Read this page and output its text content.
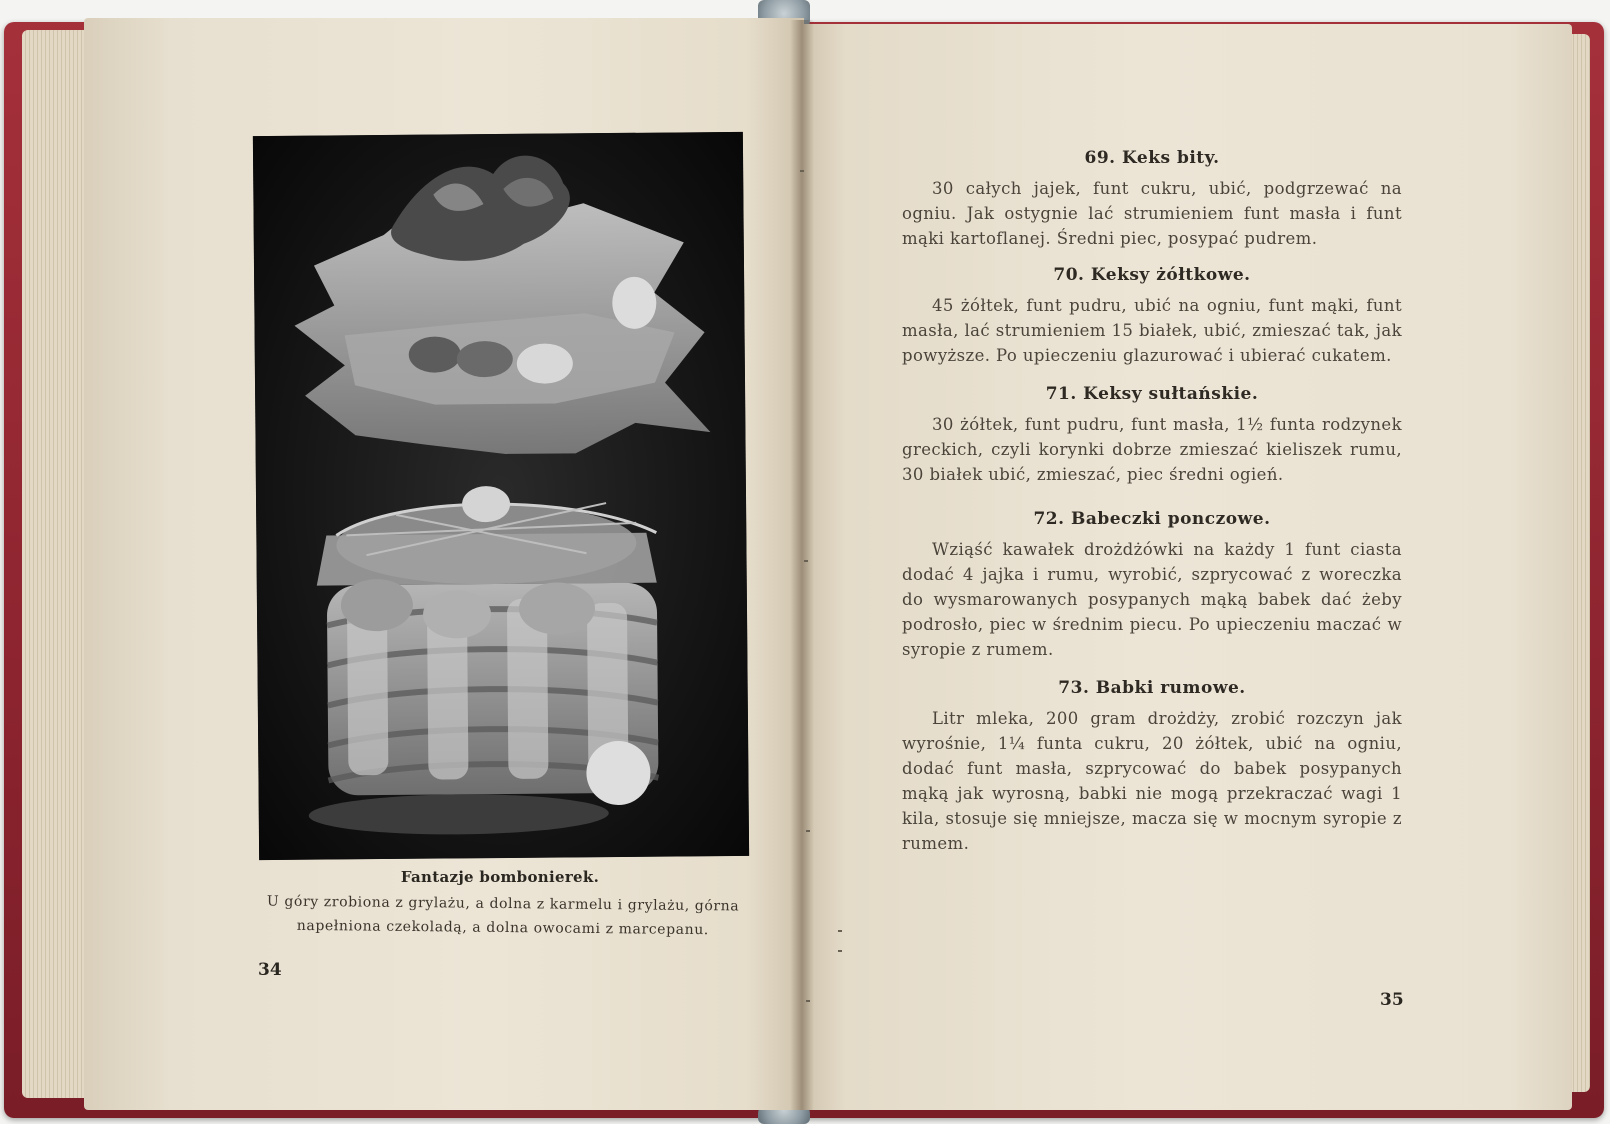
Fantazje bombonierek.
U góry zrobiona z grylażu, a dolna z karmelu i grylażu, górna
napełniona czekoladą, a dolna owocami z marcepanu.
34
69. Keks bity.
30 całych jajek, funt cukru, ubić, podgrzewać na ogniu. Jak ostygnie lać strumieniem funt masła i funt mąki kartoflanej. Średni piec, posypać pudrem.
70. Keksy żółtkowe.
45 żółtek, funt pudru, ubić na ogniu, funt mąki, funt masła, lać strumieniem 15 białek, ubić, zmieszać tak, jak powyższe. Po upieczeniu glazurować i ubierać cukatem.
71. Keksy sułtańskie.
30 żółtek, funt pudru, funt masła, 1½ funta rodzynek greckich, czyli korynki dobrze zmieszać kieliszek rumu, 30 białek ubić, zmieszać, piec średni ogień.
72. Babeczki ponczowe.
Wziąść kawałek drożdżówki na każdy 1 funt ciasta dodać 4 jajka i rumu, wyrobić, szprycować z woreczka do wysmarowanych posypanych mąką babek dać żeby podrosło, piec w średnim piecu. Po upieczeniu maczać w syropie z rumem.
73. Babki rumowe.
Litr mleka, 200 gram drożdży, zrobić rozczyn jak wyrośnie, 1¼ funta cukru, 20 żółtek, ubić na ogniu, dodać funt masła, szprycować do babek posypanych mąką jak wyrosną, babki nie mogą przekraczać wagi 1 kila, stosuje się mniejsze, macza się w mocnym syropie z rumem.
35
